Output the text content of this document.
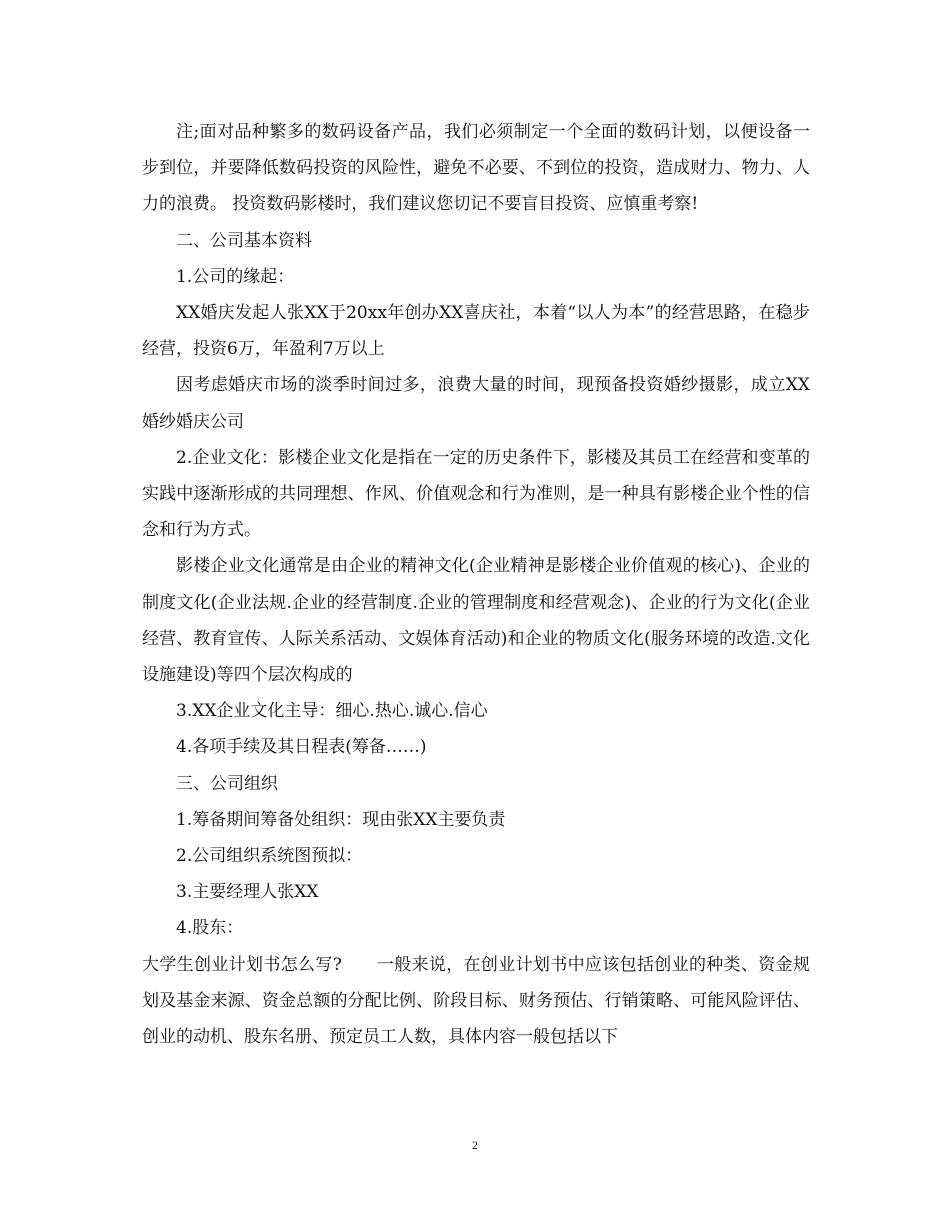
注;面对品种繁多的数码设备产品，我们必须制定一个全面的数码计划，以便设备一步到位，并要降低数码投资的风险性，避免不必要、不到位的投资，造成财力、物力、人力的浪费。 投资数码影楼时，我们建议您切记不要盲目投资、应慎重考察!

二、公司基本资料

1.公司的缘起：

XX婚庆发起人张XX于20xx年创办XX喜庆社，本着“以人为本”的经营思路，在稳步经营，投资6万，年盈利7万以上

因考虑婚庆市场的淡季时间过多，浪费大量的时间，现预备投资婚纱摄影，成立XX婚纱婚庆公司

2.企业文化：影楼企业文化是指在一定的历史条件下，影楼及其员工在经营和变革的实践中逐渐形成的共同理想、作风、价值观念和行为准则，是一种具有影楼企业个性的信念和行为方式。

影楼企业文化通常是由企业的精神文化(企业精神是影楼企业价值观的核心)、企业的制度文化(企业法规.企业的经营制度.企业的管理制度和经营观念)、企业的行为文化(企业经营、教育宣传、人际关系活动、文娱体育活动)和企业的物质文化(服务环境的改造.文化设施建设)等四个层次构成的

3.XX企业文化主导：细心.热心.诚心.信心

4.各项手续及其日程表(筹备……)

三、公司组织

1.筹备期间筹备处组织：现由张XX主要负责

2.公司组织系统图预拟：

3.主要经理人张XX

4.股东：

大学生创业计划书怎么写?　　一般来说，在创业计划书中应该包括创业的种类、资金规划及基金来源、资金总额的分配比例、阶段目标、财务预估、行销策略、可能风险评估、创业的动机、股东名册、预定员工人数，具体内容一般包括以下

2
